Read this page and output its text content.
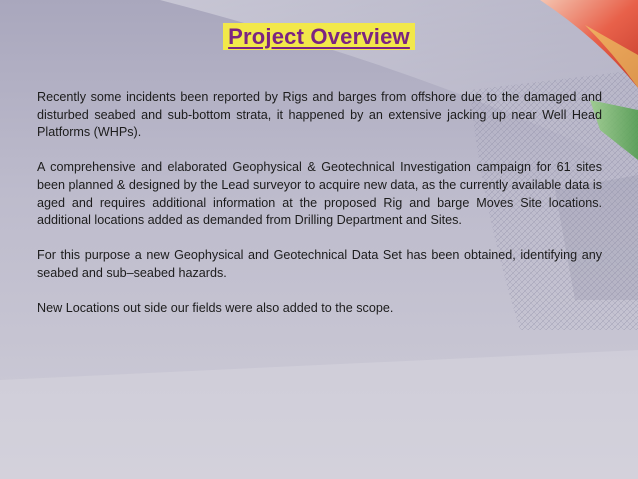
Project Overview

Recently some incidents been reported by Rigs and barges from offshore due to the damaged and disturbed seabed and sub-bottom strata, it happened by an extensive jacking up near Well Head Platforms (WHPs).

A comprehensive and elaborated Geophysical & Geotechnical Investigation campaign for 61 sites been planned & designed by the Lead surveyor to acquire new data, as the currently available data is aged and requires additional information at the proposed Rig and barge Moves Site locations. additional locations added as demanded from Drilling Department and Sites.

For this purpose a new Geophysical and Geotechnical Data Set has been obtained, identifying any seabed and sub–seabed hazards.

New Locations out side our fields were also added to the scope.
